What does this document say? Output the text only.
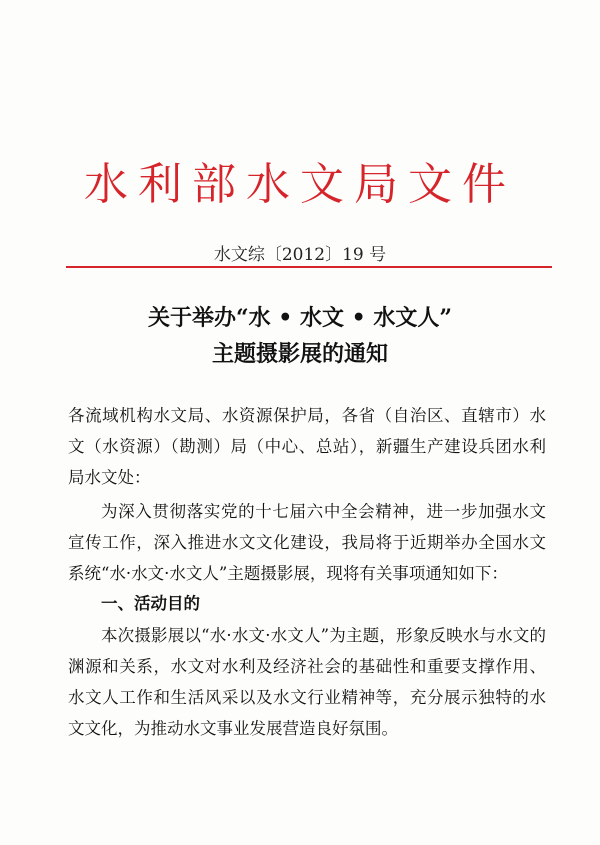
水利部水文局文件
水文综〔2012〕19 号
关于举办“水 • 水文 • 水文人”
主题摄影展的通知
各流域机构水文局、水资源保护局，各省（自治区、直辖市）水文（水资源）（勘测）局（中心、总站），新疆生产建设兵团水利局水文处：
为深入贯彻落实党的十七届六中全会精神，进一步加强水文宣传工作，深入推进水文文化建设，我局将于近期举办全国水文系统“水·水文·水文人”主题摄影展，现将有关事项通知如下：
一、活动目的
本次摄影展以“水·水文·水文人”为主题，形象反映水与水文的渊源和关系，水文对水利及经济社会的基础性和重要支撑作用、水文人工作和生活风采以及水文行业精神等，充分展示独特的水文文化，为推动水文事业发展营造良好氛围。
